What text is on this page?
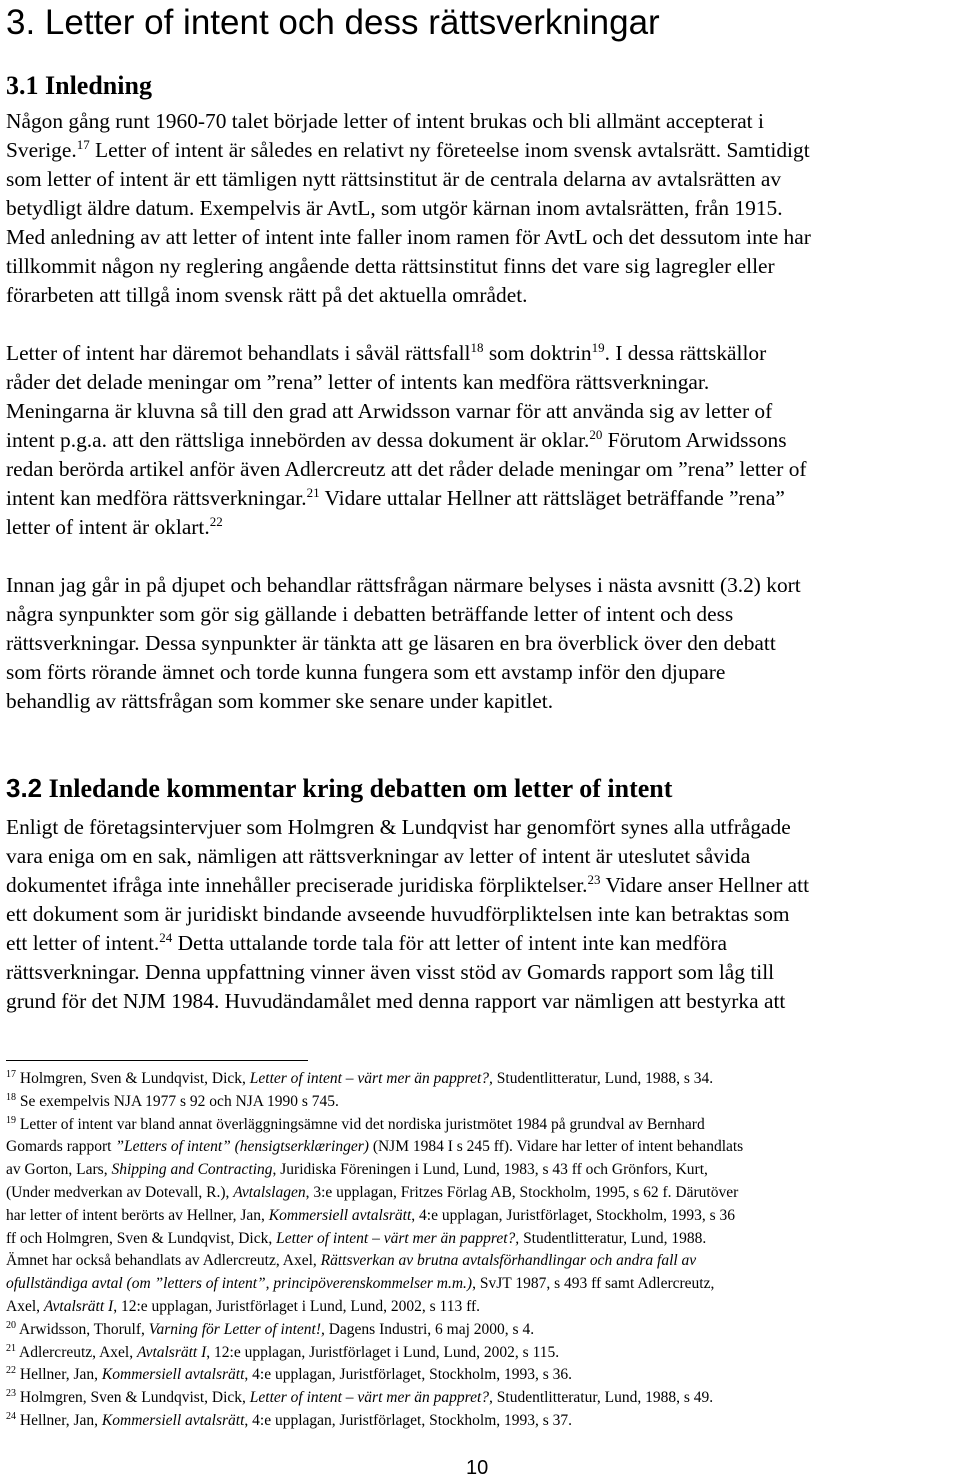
3. Letter of intent och dess rättsverkningar
3.1 Inledning
Någon gång runt 1960-70 talet började letter of intent brukas och bli allmänt accepterat i
Sverige.$^{17}$ Letter of intent är således en relativt ny företeelse inom svensk avtalsrätt. Samtidigt
som letter of intent är ett tämligen nytt rättsinstitut är de centrala delarna av avtalsrätten av
betydligt äldre datum. Exempelvis är AvtL, som utgör kärnan inom avtalsrätten, från 1915.
Med anledning av att letter of intent inte faller inom ramen för AvtL och det dessutom inte har
tillkommit någon ny reglering angående detta rättsinstitut finns det vare sig lagregler eller
förarbeten att tillgå inom svensk rätt på det aktuella området.
Letter of intent har däremot behandlats i såväl rättsfall$^{18}$ som doktrin$^{19}$. I dessa rättskällor
råder det delade meningar om ”rena” letter of intents kan medföra rättsverkningar.
Meningarna är kluvna så till den grad att Arwidsson varnar för att använda sig av letter of
intent p.g.a. att den rättsliga innebörden av dessa dokument är oklar.$^{20}$ Förutom Arwidssons
redan berörda artikel anför även Adlercreutz att det råder delade meningar om ”rena” letter of
intent kan medföra rättsverkningar.$^{21}$ Vidare uttalar Hellner att rättsläget beträffande ”rena”
letter of intent är oklart.$^{22}$
Innan jag går in på djupet och behandlar rättsfrågan närmare belyses i nästa avsnitt (3.2) kort
några synpunkter som gör sig gällande i debatten beträffande letter of intent och dess
rättsverkningar. Dessa synpunkter är tänkta att ge läsaren en bra överblick över den debatt
som förts rörande ämnet och torde kunna fungera som ett avstamp inför den djupare
behandlig av rättsfrågan som kommer ske senare under kapitlet.
3.2 Inledande kommentar kring debatten om letter of intent
Enligt de företagsintervjuer som Holmgren & Lundqvist har genomfört synes alla utfrågade
vara eniga om en sak, nämligen att rättsverkningar av letter of intent är uteslutet såvida
dokumentet ifråga inte innehåller preciserade juridiska förpliktelser.$^{23}$ Vidare anser Hellner att
ett dokument som är juridiskt bindande avseende huvudförpliktelsen inte kan betraktas som
ett letter of intent.$^{24}$ Detta uttalande torde tala för att letter of intent inte kan medföra
rättsverkningar. Denna uppfattning vinner även visst stöd av Gomards rapport som låg till
grund för det NJM 1984. Huvudändamålet med denna rapport var nämligen att bestyrka att
$^{17}$ Holmgren, Sven & Lundqvist, Dick, Letter of intent – värt mer än pappret?, Studentlitteratur, Lund, 1988, s 34.
$^{18}$ Se exempelvis NJA 1977 s 92 och NJA 1990 s 745.
$^{19}$ Letter of intent var bland annat överläggningsämne vid det nordiska juristmötet 1984 på grundval av Bernhard
Gomards rapport ”Letters of intent” (hensigtserklæringer) (NJM 1984 I s 245 ff). Vidare har letter of intent behandlats
av Gorton, Lars, Shipping and Contracting, Juridiska Föreningen i Lund, Lund, 1983, s 43 ff och Grönfors, Kurt,
(Under medverkan av Dotevall, R.), Avtalslagen, 3:e upplagan, Fritzes Förlag AB, Stockholm, 1995, s 62 f. Därutöver
har letter of intent berörts av Hellner, Jan, Kommersiell avtalsrätt, 4:e upplagan, Juristförlaget, Stockholm, 1993, s 36
ff och Holmgren, Sven & Lundqvist, Dick, Letter of intent – värt mer än pappret?, Studentlitteratur, Lund, 1988.
Ämnet har också behandlats av Adlercreutz, Axel, Rättsverkan av brutna avtalsförhandlingar och andra fall av
ofullständiga avtal (om ”letters of intent”, principöverenskommelser m.m.), SvJT 1987, s 493 ff samt Adlercreutz,
Axel, Avtalsrätt I, 12:e upplagan, Juristförlaget i Lund, Lund, 2002, s 113 ff.
$^{20}$ Arwidsson, Thorulf, Varning för Letter of intent!, Dagens Industri, 6 maj 2000, s 4.
$^{21}$ Adlercreutz, Axel, Avtalsrätt I, 12:e upplagan, Juristförlaget i Lund, Lund, 2002, s 115.
$^{22}$ Hellner, Jan, Kommersiell avtalsrätt, 4:e upplagan, Juristförlaget, Stockholm, 1993, s 36.
$^{23}$ Holmgren, Sven & Lundqvist, Dick, Letter of intent – värt mer än pappret?, Studentlitteratur, Lund, 1988, s 49.
$^{24}$ Hellner, Jan, Kommersiell avtalsrätt, 4:e upplagan, Juristförlaget, Stockholm, 1993, s 37.
10
